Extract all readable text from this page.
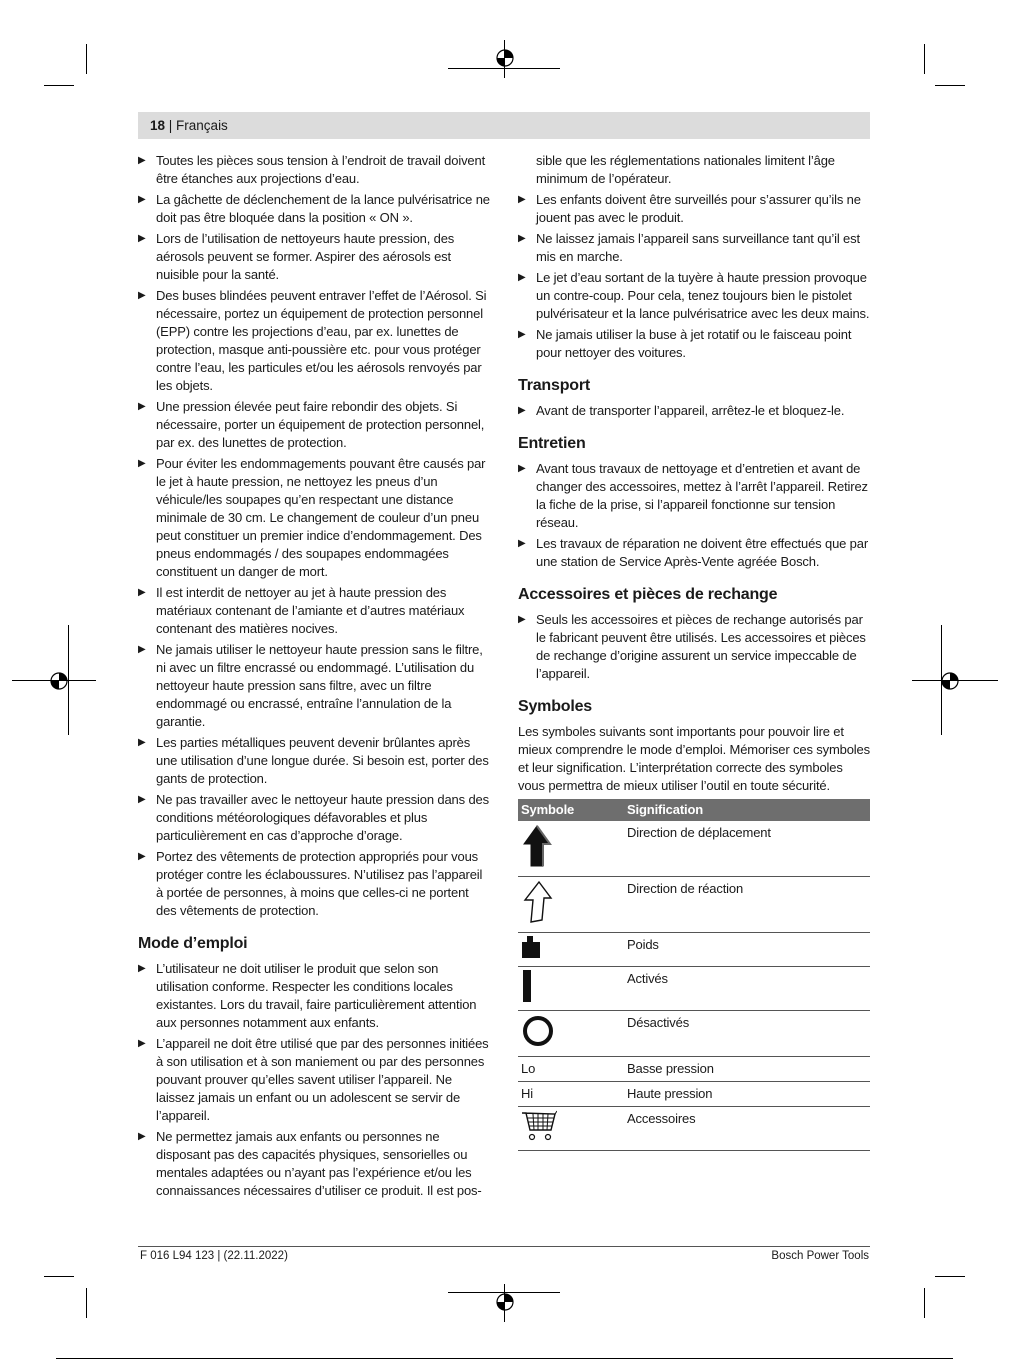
18 | Français
▶ Toutes les pièces sous tension à l’endroit de travail doivent être étanches aux projections d’eau.
▶ La gâchette de déclenchement de la lance pulvérisatrice ne doit pas être bloquée dans la position « ON ».
▶ Lors de l’utilisation de nettoyeurs haute pression, des aérosols peuvent se former. Aspirer des aérosols est nuisible pour la santé.
▶ Des buses blindées peuvent entraver l’effet de l’Aérosol. Si nécessaire, portez un équipement de protection personnel (EPP) contre les projections d’eau, par ex. lunettes de protection, masque anti-poussière etc. pour vous protéger contre l’eau, les particules et/ou les aérosols renvoyés par les objets.
▶ Une pression élevée peut faire rebondir des objets. Si nécessaire, porter un équipement de protection personnel, par ex. des lunettes de protection.
▶ Pour éviter les endommagements pouvant être causés par le jet à haute pression, ne nettoyez les pneus d’un véhicule/les soupapes qu’en respectant une distance minimale de 30 cm. Le changement de couleur d’un pneu peut constituer un premier indice d’endommagement. Des pneus endommagés / des soupapes endommagées constituent un danger de mort.
▶ Il est interdit de nettoyer au jet à haute pression des matériaux contenant de l’amiante et d’autres matériaux contenant des matières nocives.
▶ Ne jamais utiliser le nettoyeur haute pression sans le filtre, ni avec un filtre encrassé ou endommagé. L’utilisation du nettoyeur haute pression sans filtre, avec un filtre endommagé ou encrassé, entraîne l’annulation de la garantie.
▶ Les parties métalliques peuvent devenir brûlantes après une utilisation d’une longue durée. Si besoin est, porter des gants de protection.
▶ Ne pas travailler avec le nettoyeur haute pression dans des conditions météorologiques défavorables et plus particulièrement en cas d’approche d’orage.
▶ Portez des vêtements de protection appropriés pour vous protéger contre les éclaboussures. N’utilisez pas l’appareil à portée de personnes, à moins que celles-ci ne portent des vêtements de protection.
Mode d’emploi
▶ L’utilisateur ne doit utiliser le produit que selon son utilisation conforme. Respecter les conditions locales existantes. Lors du travail, faire particulièrement attention aux personnes notamment aux enfants.
▶ L’appareil ne doit être utilisé que par des personnes initiées à son utilisation et à son maniement ou par des personnes pouvant prouver qu’elles savent utiliser l’appareil. Ne laissez jamais un enfant ou un adolescent se servir de l’appareil.
▶ Ne permettez jamais aux enfants ou personnes ne disposant pas des capacités physiques, sensorielles ou mentales adaptées ou n’ayant pas l’expérience et/ou les connaissances nécessaires d’utiliser ce produit. Il est pos-
sible que les réglementations nationales limitent l’âge minimum de l’opérateur.
▶ Les enfants doivent être surveillés pour s’assurer qu’ils ne jouent pas avec le produit.
▶ Ne laissez jamais l’appareil sans surveillance tant qu’il est mis en marche.
▶ Le jet d’eau sortant de la tuyère à haute pression provoque un contre-coup. Pour cela, tenez toujours bien le pistolet pulvérisateur et la lance pulvérisatrice avec les deux mains.
▶ Ne jamais utiliser la buse à jet rotatif ou le faisceau point pour nettoyer des voitures.
Transport
▶ Avant de transporter l’appareil, arrêtez-le et bloquez-le.
Entretien
▶ Avant tous travaux de nettoyage et d’entretien et avant de changer des accessoires, mettez à l’arrêt l’appareil. Retirez la fiche de la prise, si l’appareil fonctionne sur tension réseau.
▶ Les travaux de réparation ne doivent être effectués que par une station de Service Après-Vente agréée Bosch.
Accessoires et pièces de rechange
▶ Seuls les accessoires et pièces de rechange autorisés par le fabricant peuvent être utilisés. Les accessoires et pièces de rechange d’origine assurent un service impeccable de l’appareil.
Symboles

Les symboles suivants sont importants pour pouvoir lire et mieux comprendre le mode d’emploi. Mémoriser ces symboles et leur signification. L’interprétation correcte des symboles vous permettra de mieux utiliser l’outil en toute sécurité.

Symbole	Signification
	Direction de déplacement
	Direction de réaction
	Poids
	Activés
	Désactivés
Lo	Basse pression
Hi	Haute pression
	Accessoires
F 016 L94 123 | (22.11.2022)	Bosch Power Tools
